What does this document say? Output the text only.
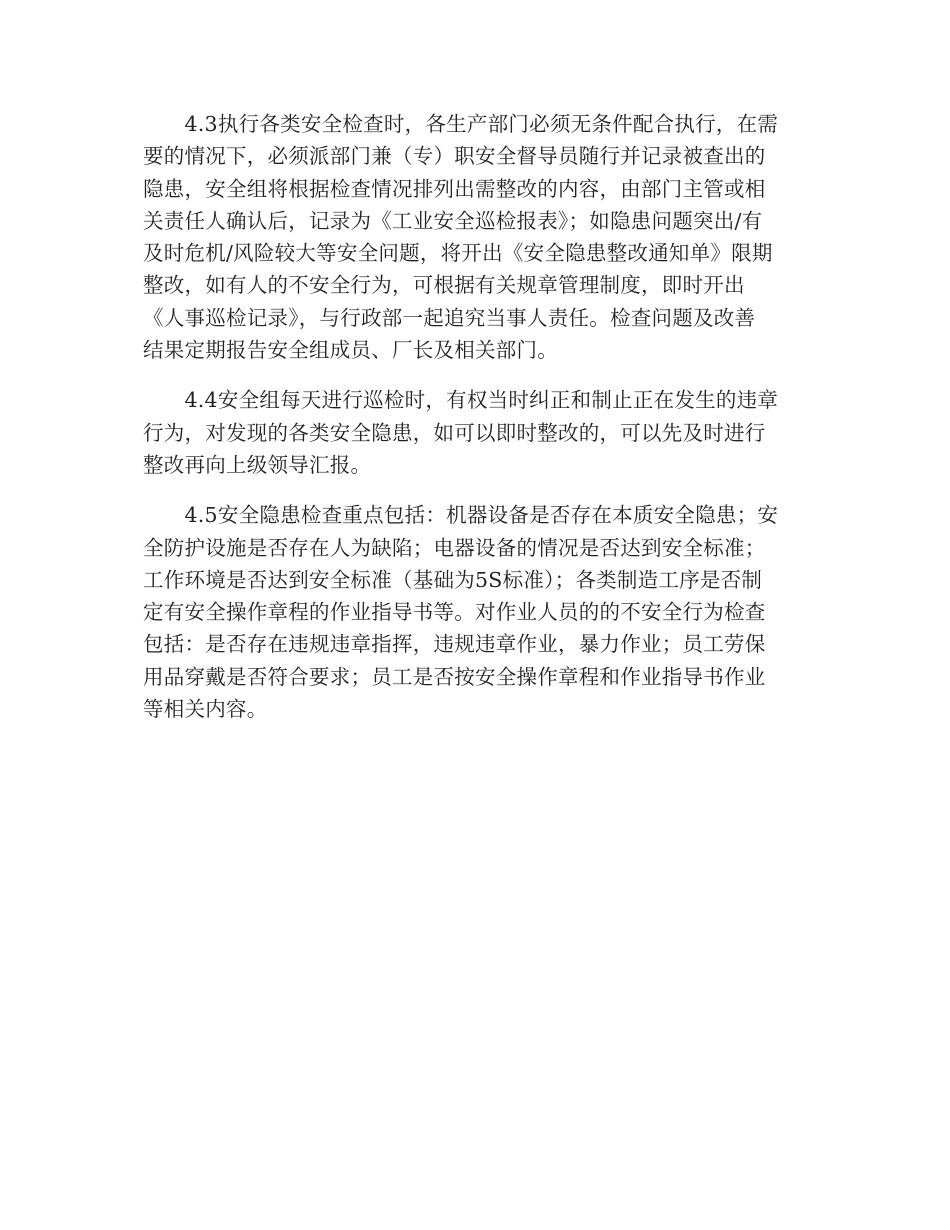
　　4.3执行各类安全检查时，各生产部门必须无条件配合执行，在需
要的情况下，必须派部门兼（专）职安全督导员随行并记录被查出的
隐患，安全组将根据检查情况排列出需整改的内容，由部门主管或相
关责任人确认后，记录为《工业安全巡检报表》；如隐患问题突出/有
及时危机/风险较大等安全问题，将开出《安全隐患整改通知单》限期
整改，如有人的不安全行为，可根据有关规章管理制度，即时开出
《人事巡检记录》，与行政部一起追究当事人责任。检查问题及改善
结果定期报告安全组成员、厂长及相关部门。

　　4.4安全组每天进行巡检时，有权当时纠正和制止正在发生的违章
行为，对发现的各类安全隐患，如可以即时整改的，可以先及时进行
整改再向上级领导汇报。

　　4.5安全隐患检查重点包括：机器设备是否存在本质安全隐患；安
全防护设施是否存在人为缺陷；电器设备的情况是否达到安全标准；
工作环境是否达到安全标准（基础为5S标准）；各类制造工序是否制
定有安全操作章程的作业指导书等。对作业人员的的不安全行为检查
包括：是否存在违规违章指挥，违规违章作业，暴力作业；员工劳保
用品穿戴是否符合要求；员工是否按安全操作章程和作业指导书作业
等相关内容。
